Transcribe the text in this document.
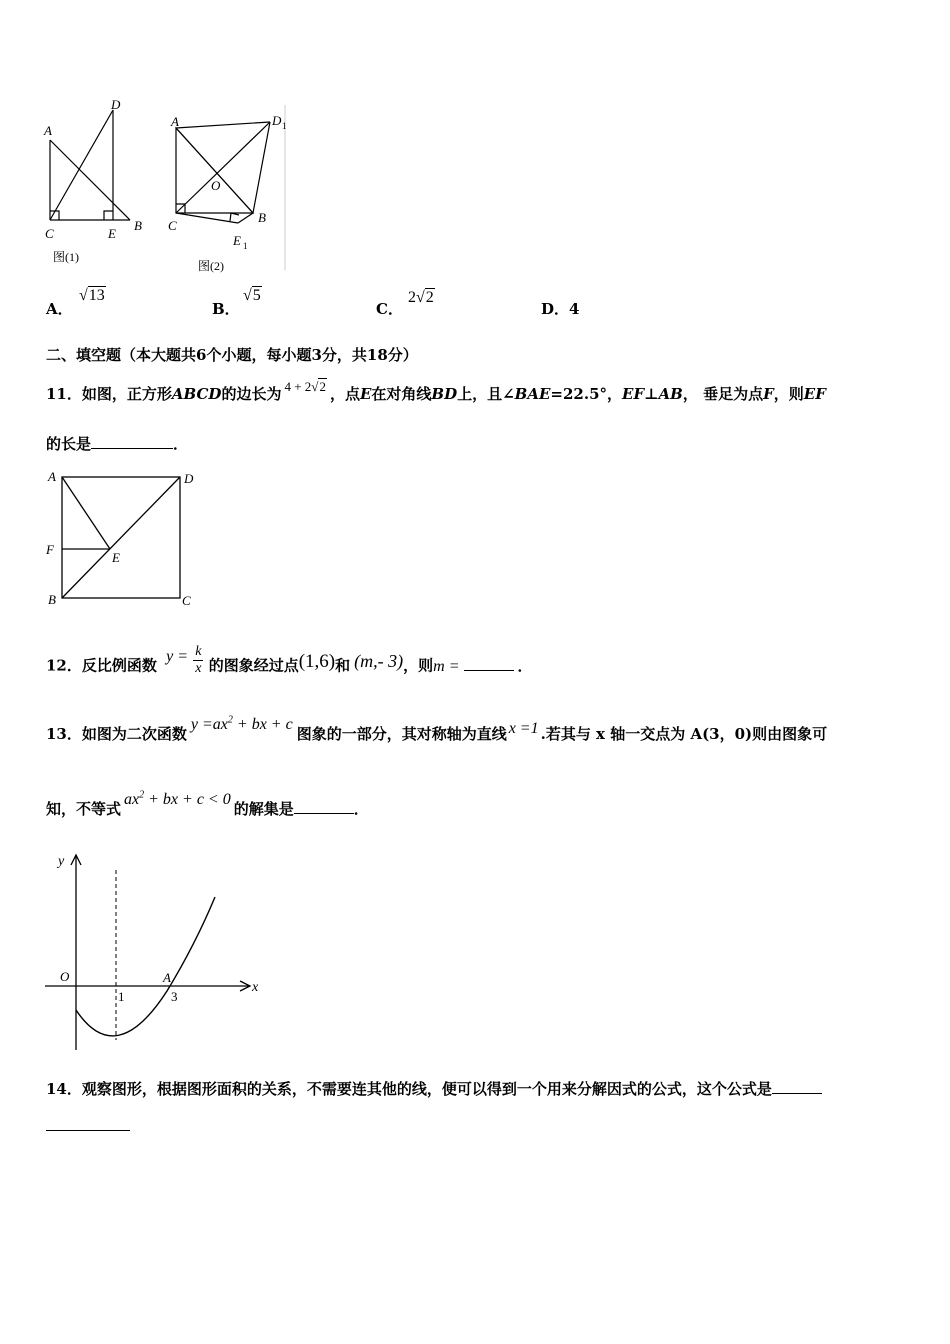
A
D
C	E
B
图(1)
A	D 1
O
C
B
E 1
图(2)
A．
√13
B．
√5
C．
2√2
D．4
二、填空题（本大题共6个小题，每小题3分，共18分）
11．如图，正方形ABCD的边长为 4 + 2√2 ，点E在对角线BD上，且∠BAE=22.5°，EF⊥AB， 垂足为点F，则EF
的长是	．
A	D
F
E
B	C
12．反比例函数 $y = \frac{k}{x}$ 的图象经过点(1,6)和 (m,- 3)，则m =	．
13．如图为二次函数$y =ax^2$ + bx + c图象的一部分，其对称轴为直线 x =1 .若其与 x 轴一交点为 A(3，0)则由图象可
知，不等式$ax^2$ + bx + c < 0的解集是	．
y
O	A
x
1	3
14．观察图形，根据图形面积的关系，不需要连其他的线，便可以得到一个用来分解因式的公式，这个公式是
